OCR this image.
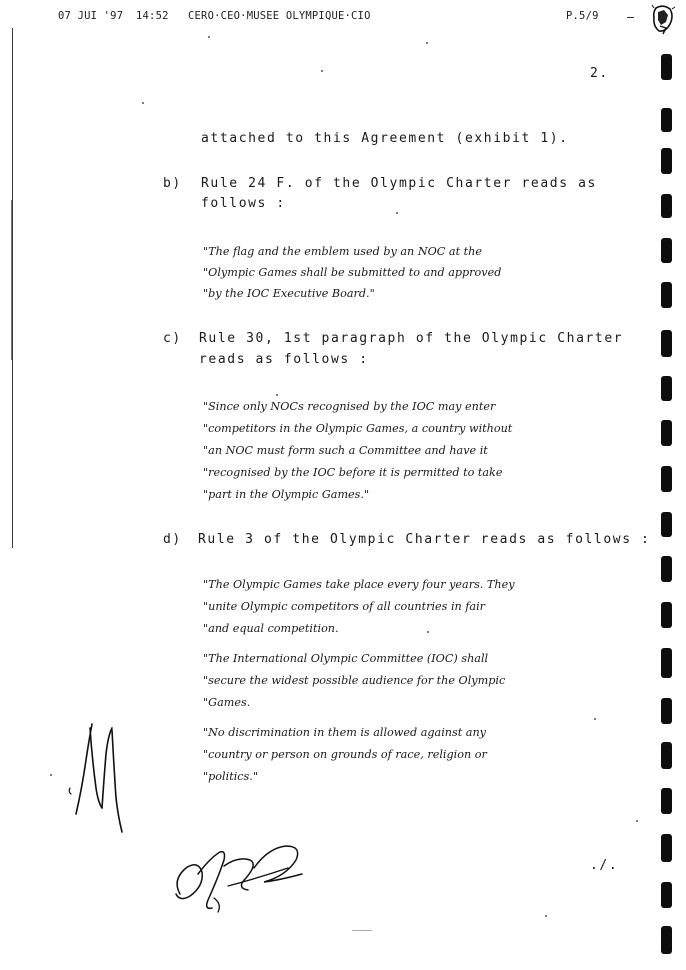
07 JUI '97 14:52 CERO·CEO·MUSEE OLYMPIQUE·CIO	P.5/9
2.
attached to this Agreement (exhibit 1).
b) Rule 24 F. of the Olympic Charter reads as
follows :
"The flag and the emblem used by an NOC at the
"Olympic Games shall be submitted to and approved
"by the IOC Executive Board."
c) Rule 30, 1st paragraph of the Olympic Charter
reads as follows :
"Since only NOCs recognised by the IOC may enter
"competitors in the Olympic Games, a country without
"an NOC must form such a Committee and have it
"recognised by the IOC before it is permitted to take
"part in the Olympic Games."
d) Rule 3 of the Olympic Charter reads as follows :
"The Olympic Games take place every four years. They
"unite Olympic competitors of all countries in fair
"and equal competition.
"The International Olympic Committee (IOC) shall
"secure the widest possible audience for the Olympic
"Games.
"No discrimination in them is allowed against any
"country or person on grounds of race, religion or
"politics."
./.
